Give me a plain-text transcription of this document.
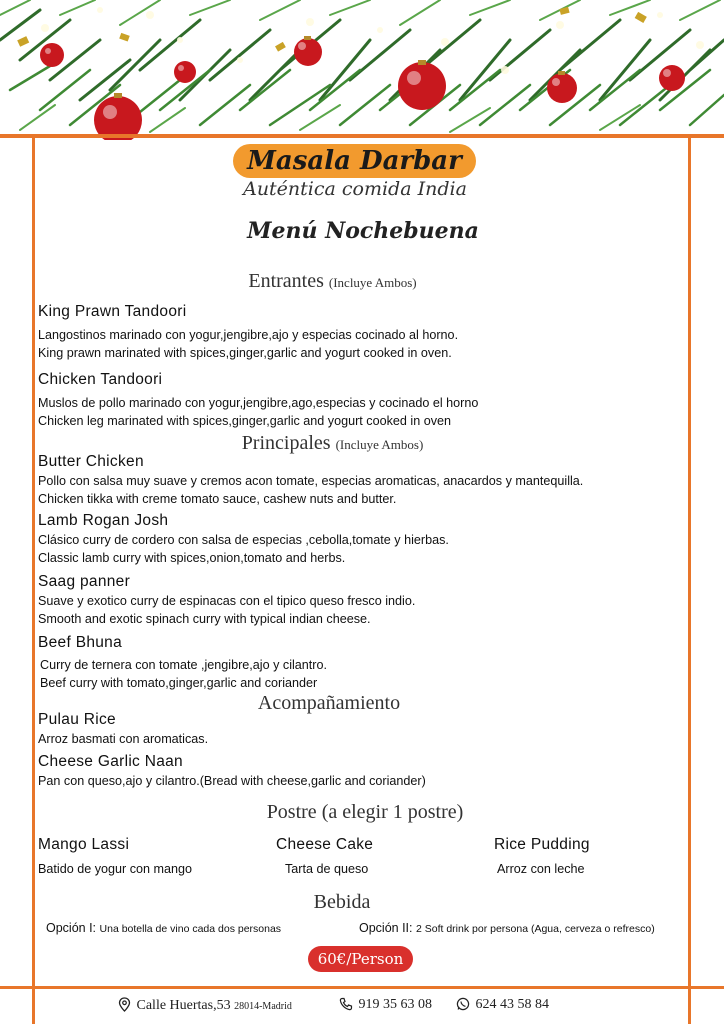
Masala Darbar
Auténtica comida India
Menú Nochebuena
Entrantes (Incluye Ambos)
King Prawn Tandoori
Langostinos marinado con yogur,jengibre,ajo y especias cocinado al horno.
King prawn marinated with spices,ginger,garlic and yogurt cooked in oven.
Chicken Tandoori
Muslos de pollo marinado con yogur,jengibre,ago,especias y cocinado el horno
Chicken leg marinated with spices,ginger,garlic and yogurt cooked in oven
Principales (Incluye Ambos)
Butter Chicken
Pollo con salsa muy suave y cremos acon tomate, especias aromaticas, anacardos y mantequilla.
Chicken tikka with creme tomato sauce, cashew nuts and butter.
Lamb Rogan Josh
Clásico curry de cordero con salsa de especias ,cebolla,tomate y hierbas.
Classic lamb curry with spices,onion,tomato and herbs.
Saag panner
Suave y exotico curry de espinacas con el tipico queso fresco indio.
Smooth and exotic spinach curry with typical indian cheese.
Beef Bhuna
Curry de ternera con tomate ,jengibre,ajo y cilantro.
Beef curry with tomato,ginger,garlic and coriander
Acompañamiento
Pulau Rice
Arroz basmati con aromaticas.
Cheese Garlic Naan
Pan con queso,ajo y cilantro.(Bread with cheese,garlic and coriander)
Postre (a elegir 1 postre)
Mango Lassi
Batido de yogur con mango
Cheese Cake
Tarta de queso
Rice Pudding
Arroz con leche
Bebida
Opción I: Una botella de vino cada dos personas	Opción II: 2 Soft drink por persona (Agua, cerveza o refresco)
60€/Person
Calle Huertas,53 28014-Madrid	919 35 63 08	624 43 58 84
